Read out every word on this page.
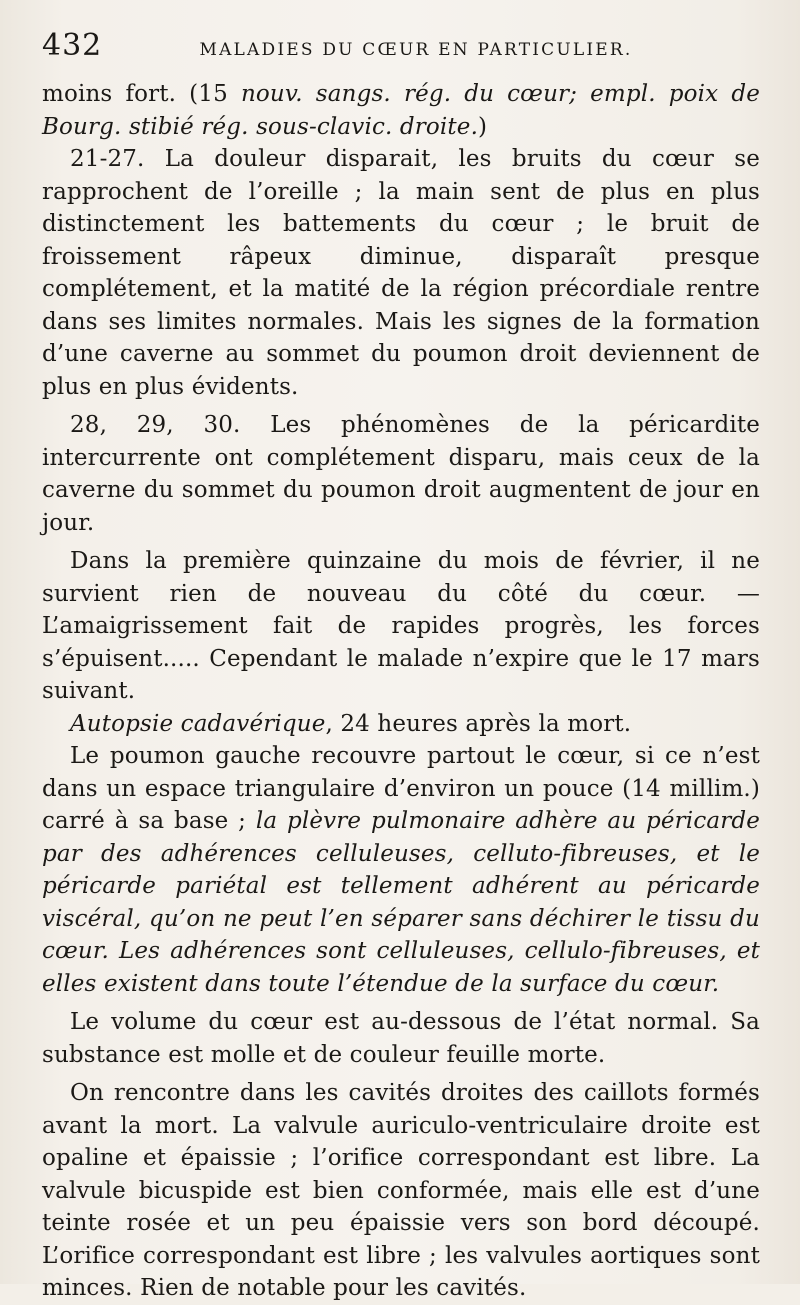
432	MALADIES DU CŒUR EN PARTICULIER.

moins fort. (15 nouv. sangs. rég. du cœur; empl. poix de Bourg. stibié rég. sous-clavic. droite.)

21-27. La douleur disparait, les bruits du cœur se rapprochent de l’oreille ; la main sent de plus en plus distinctement les battements du cœur ; le bruit de froissement râpeux diminue, disparaît presque complétement, et la matité de la région précordiale rentre dans ses limites normales. Mais les signes de la formation d’une caverne au sommet du poumon droit deviennent de plus en plus évidents.

28, 29, 30. Les phénomènes de la péricardite intercurrente ont complétement disparu, mais ceux de la caverne du sommet du poumon droit augmentent de jour en jour.

Dans la première quinzaine du mois de février, il ne survient rien de nouveau du côté du cœur. — L’amaigrissement fait de rapides progrès, les forces s’épuisent..... Cependant le malade n’expire que le 17 mars suivant.

Autopsie cadavérique, 24 heures après la mort.

Le poumon gauche recouvre partout le cœur, si ce n’est dans un espace triangulaire d’environ un pouce (14 millim.) carré à sa base ; la plèvre pulmonaire adhère au péricarde par des adhérences celluleuses, celluto-fibreuses, et le péricarde pariétal est tellement adhérent au péricarde viscéral, qu’on ne peut l’en séparer sans déchirer le tissu du cœur. Les adhérences sont celluleuses, cellulo-fibreuses, et elles existent dans toute l’étendue de la surface du cœur.

Le volume du cœur est au-dessous de l’état normal. Sa substance est molle et de couleur feuille morte.

On rencontre dans les cavités droites des caillots formés avant la mort. La valvule auriculo-ventriculaire droite est opaline et épaissie ; l’orifice correspondant est libre. La valvule bicuspide est bien conformée, mais elle est d’une teinte rosée et un peu épaissie vers son bord découpé. L’orifice correspondant est libre ; les valvules aortiques sont minces. Rien de notable pour les cavités.
